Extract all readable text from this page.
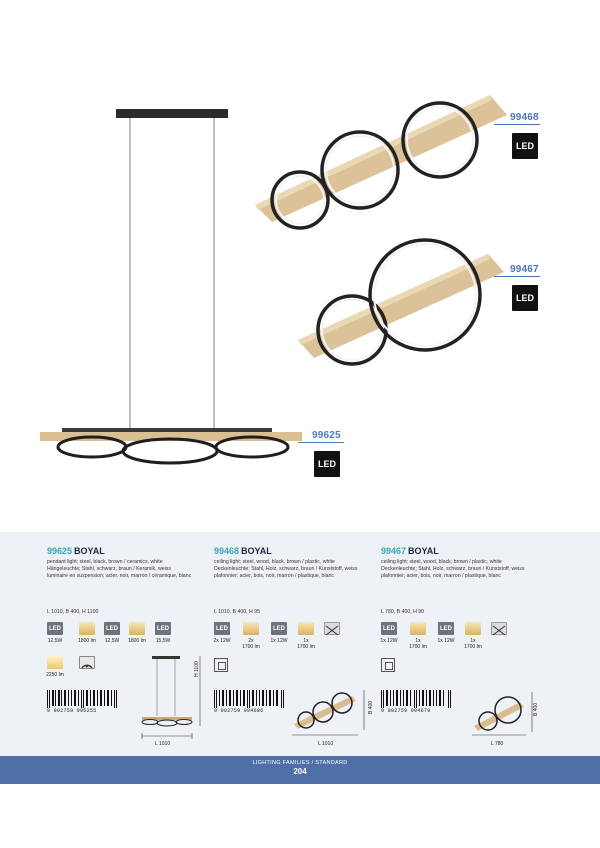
99468
LED
99467
LED
99625
LED
99625 BOYAL
pendant light; steel, black, brown / ceramics, white
Hängeleuchte; Stahl, schwarz, braun / Keramik, weiss
luminaire en suspension; acier, noir, marron / céramique, blanc
L 1010, B 400, H 1100
LED	LED	LED
12,5W	1800 lm	12,5W	1800 lm	15,5W
2250 lm
9 002759 996255
L 1010
H 1100
99468 BOYAL
ceiling light; steel, wood, black, brown / plastic, white
Deckenleuchte; Stahl, Holz, schwarz, braun / Kunststoff, weiss
plafonnier; acier, bois, noir, marron / plastique, blanc
L 1010, B 400, H 95
LED	LED
2x 12W	2x
1700 lm
1x 12W	1x
1700 lm
9 002759 994686
L 1010
B 400
99467 BOYAL
ceiling light; steel, wood, black, brown / plastic, white
Deckenleuchte; Stahl, Holz, schwarz, braun / Kunststoff, weiss
plafonnier; acier, bois, noir, marron / plastique, blanc
L 780, B 400, H 90
LED	LED
1x 12W	1x
1700 lm
1x 12W	1x
1700 lm
9 002759 994679
L 780
B 400
LIGHTING FAMILIES / STANDARD
204
